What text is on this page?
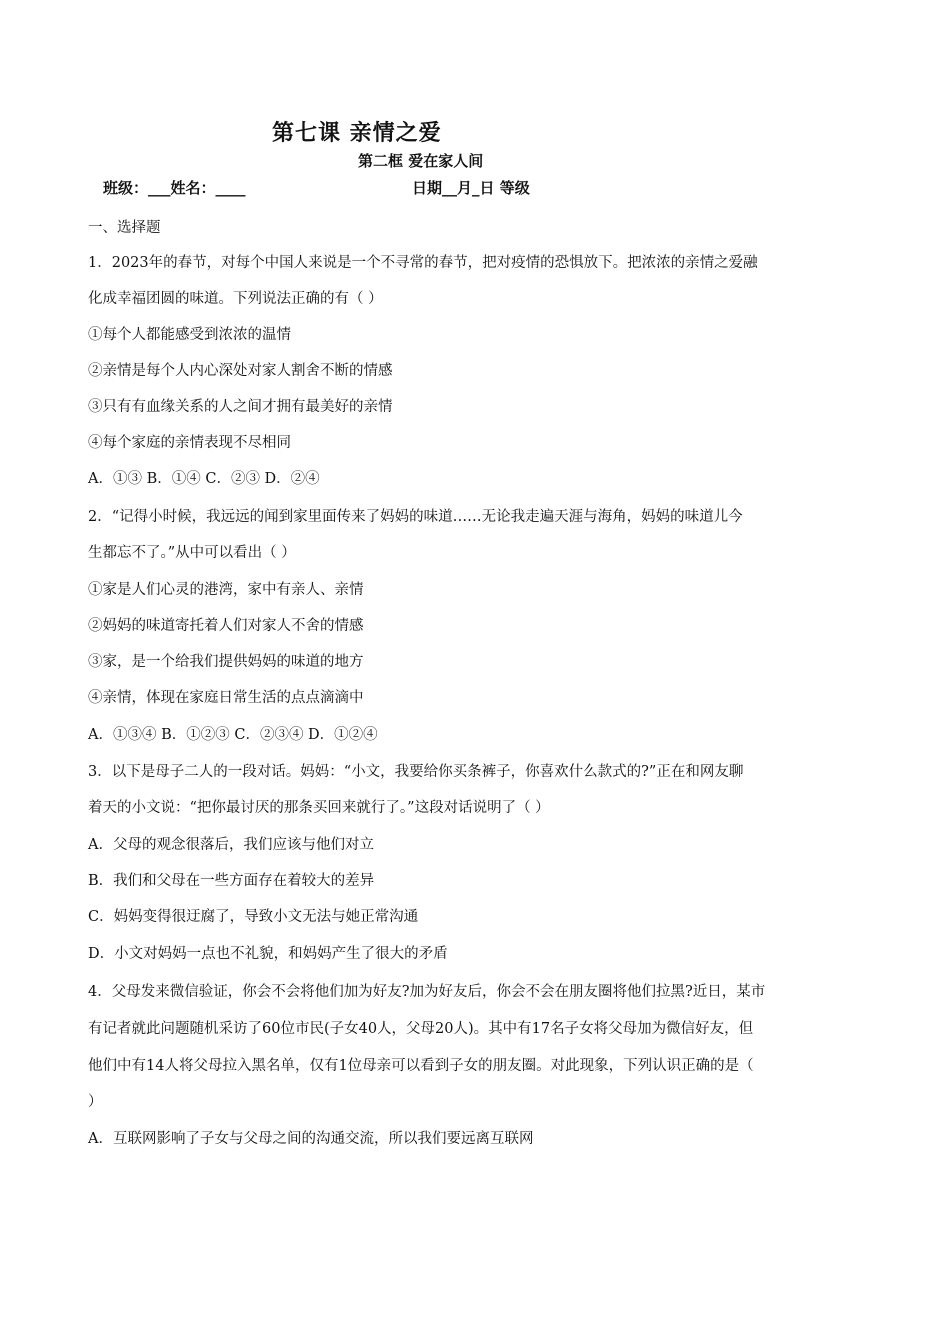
第七课 亲情之爱
第二框 爱在家人间
班级：___姓名：____	日期__月_日 等级
一、选择题
1．2023年的春节，对每个中国人来说是一个不寻常的春节，把对疫情的恐惧放下。把浓浓的亲情之爱融
化成幸福团圆的味道。下列说法正确的有（ ）
①每个人都能感受到浓浓的温情
②亲情是每个人内心深处对家人割舍不断的情感
③只有有血缘关系的人之间才拥有最美好的亲情
④每个家庭的亲情表现不尽相同
A．①③ B．①④ C．②③ D．②④
2．“记得小时候，我远远的闻到家里面传来了妈妈的味道……无论我走遍天涯与海角，妈妈的味道儿今
生都忘不了。”从中可以看出（ ）
①家是人们心灵的港湾，家中有亲人、亲情
②妈妈的味道寄托着人们对家人不舍的情感
③家，是一个给我们提供妈妈的味道的地方
④亲情，体现在家庭日常生活的点点滴滴中
A．①③④ B．①②③ C．②③④ D．①②④
3．以下是母子二人的一段对话。妈妈：“小文，我要给你买条裤子，你喜欢什么款式的?”正在和网友聊
着天的小文说：“把你最讨厌的那条买回来就行了。”这段对话说明了（ ）
A．父母的观念很落后，我们应该与他们对立
B．我们和父母在一些方面存在着较大的差异
C．妈妈变得很迂腐了，导致小文无法与她正常沟通
D．小文对妈妈一点也不礼貌，和妈妈产生了很大的矛盾
4．父母发来微信验证，你会不会将他们加为好友?加为好友后，你会不会在朋友圈将他们拉黑?近日，某市
有记者就此问题随机采访了60位市民(子女40人，父母20人)。其中有17名子女将父母加为微信好友，但
他们中有14人将父母拉入黑名单，仅有1位母亲可以看到子女的朋友圈。对此现象，下列认识正确的是（
）
A．互联网影响了子女与父母之间的沟通交流，所以我们要远离互联网
